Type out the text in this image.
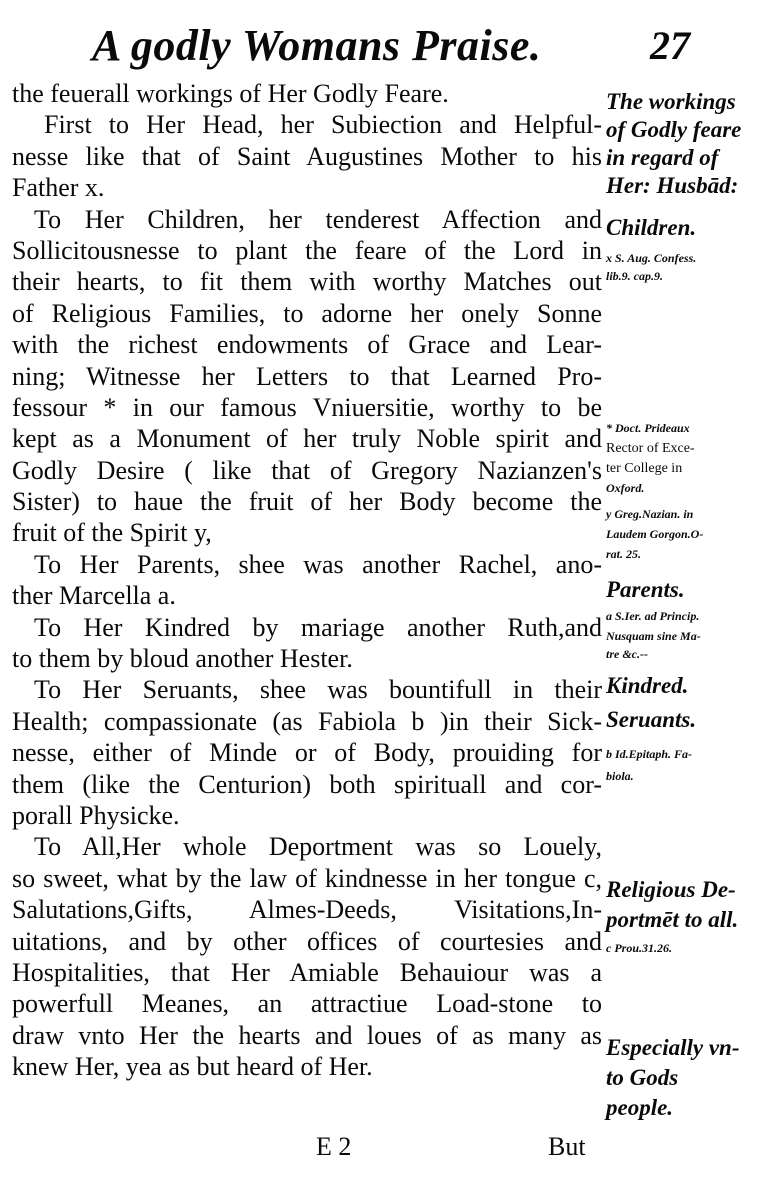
A godly Womans Praise.	27
the feuerall workings of Her Godly Feare.
First to Her Head, her Subiection and Helpful-
nesse like that of Saint Augustines Mother to his
Father x.
To Her Children, her tenderest Affection and
Sollicitousnesse to plant the feare of the Lord in
their hearts, to fit them with worthy Matches out
of Religious Families, to adorne her onely Sonne
with the richest endowments of Grace and Lear-
ning; Witnesse her Letters to that Learned Pro-
fessour * in our famous Vniuersitie, worthy to be
kept as a Monument of her truly Noble spirit and
Godly Desire ( like that of Gregory Nazianzen's
Sister) to haue the fruit of her Body become the
fruit of the Spirit y,
To Her Parents, shee was another Rachel, ano-
ther Marcella a.
To Her Kindred by mariage another Ruth,and
to them by bloud another Hester.
To Her Seruants, shee was bountifull in their
Health; compassionate (as Fabiola b )in their Sick-
nesse, either of Minde or of Body, prouiding for
them (like the Centurion) both spirituall and cor-
porall Physicke.
To All,Her whole Deportment was so Louely,
so sweet, what by the law of kindnesse in her tongue c,
Salutations,Gifts, Almes-Deeds, Visitations,In-
uitations, and by other offices of courtesies and
Hospitalities, that Her Amiable Behauiour was a
powerfull Meanes, an attractiue Load-stone to
draw vnto Her the hearts and loues of as many as
knew Her, yea as but heard of Her.
The workings
of Godly feare
in regard of
Her: Husbād:
Children.
x S. Aug. Confess.
lib.9. cap.9.
* Doct. Prideaux
Rector of Exce-
ter College in
Oxford.
y Greg.Nazian. in
Laudem Gorgon.O-
rat. 25.
Parents.
a S.Ier. ad Princip.
Nusquam sine Ma-
tre &c.--
Kindred.
Seruants.
b Id.Epitaph. Fa-
biola.
Religious De-
portmēt to all.
c Prou.31.26.
Especially vn-
to Gods
people.
E 2	But
